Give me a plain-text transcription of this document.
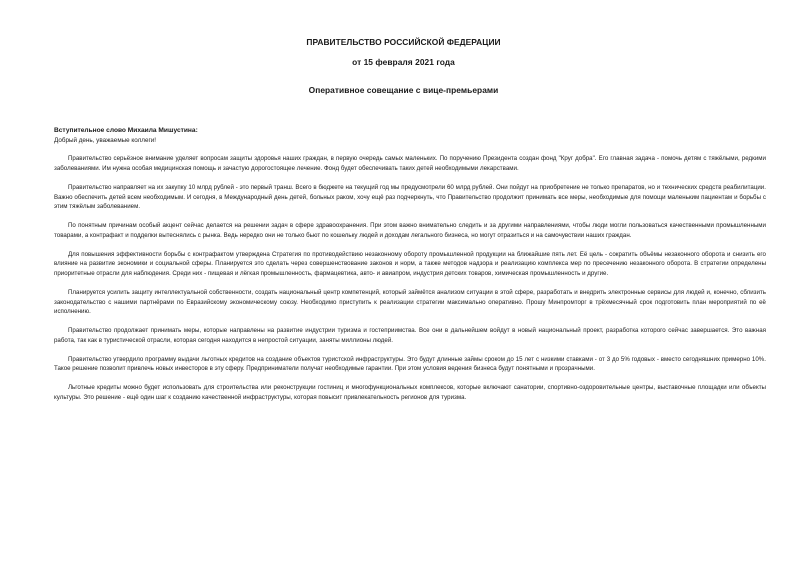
ПРАВИТЕЛЬСТВО РОССИЙСКОЙ ФЕДЕРАЦИИ
от 15 февраля 2021 года
Оперативное совещание с вице-премьерами

Вступительное слово Михаила Мишустина:

Добрый день, уважаемые коллеги!

Правительство серьёзное внимание уделяет вопросам защиты здоровья наших граждан, в первую очередь самых маленьких. По поручению Президента создан фонд "Круг добра". Его главная задача - помочь детям с тяжёлыми, редкими заболеваниями. Им нужна особая медицинская помощь и зачастую дорогостоящее лечение. Фонд будет обеспечивать таких детей необходимыми лекарствами.

Правительство направляет на их закупку 10 млрд рублей - это первый транш. Всего в бюджете на текущий год мы предусмотрели 60 млрд рублей. Они пойдут на приобретение не только препаратов, но и технических средств реабилитации. Важно обеспечить детей всем необходимым. И сегодня, в Международный день детей, больных раком, хочу ещё раз подчеркнуть, что Правительство продолжит принимать все меры, необходимые для помощи маленьким пациентам и борьбы с этим тяжёлым заболеванием.

По понятным причинам особый акцент сейчас делается на решении задач в сфере здравоохранения. При этом важно внимательно следить и за другими направлениями, чтобы люди могли пользоваться качественными промышленными товарами, а контрафакт и подделки вытеснялись с рынка. Ведь нередко они не только бьют по кошельку людей и доходам легального бизнеса, но могут отразиться и на самочувствии наших граждан.

Для повышения эффективности борьбы с контрафактом утверждена Стратегия по противодействию незаконному обороту промышленной продукции на ближайшие пять лет. Её цель - сократить объёмы незаконного оборота и снизить его влияние на развитие экономики и социальной сферы. Планируется это сделать через совершенствование законов и норм, а также методов надзора и реализацию комплекса мер по пресечению незаконного оборота. В стратегии определены приоритетные отрасли для наблюдения. Среди них - пищевая и лёгкая промышленность, фармацевтика, авто- и авиапром, индустрия детских товаров, химическая промышленность и другие.

Планируется усилить защиту интеллектуальной собственности, создать национальный центр компетенций, который займётся анализом ситуации в этой сфере, разработать и внедрить электронные сервисы для людей и, конечно, сблизить законодательство с нашими партнёрами по Евразийскому экономическому союзу. Необходимо приступить к реализации стратегии максимально оперативно. Прошу Минпромторг в трёхмесячный срок подготовить план мероприятий по её исполнению.

Правительство продолжает принимать меры, которые направлены на развитие индустрии туризма и гостеприимства. Все они в дальнейшем войдут в новый национальный проект, разработка которого сейчас завершается. Это важная работа, так как в туристической отрасли, которая сегодня находится в непростой ситуации, заняты миллионы людей.

Правительство утвердило программу выдачи льготных кредитов на создание объектов туристской инфраструктуры. Это будут длинные займы сроком до 15 лет с низкими ставками - от 3 до 5% годовых - вместо сегодняшних примерно 10%. Такое решение позволит привлечь новых инвесторов в эту сферу. Предприниматели получат необходимые гарантии. При этом условия ведения бизнеса будут понятными и прозрачными.

Льготные кредиты можно будет использовать для строительства или реконструкции гостиниц и многофункциональных комплексов, которые включают санатории, спортивно-оздоровительные центры, выставочные площадки или объекты культуры. Это решение - ещё один шаг к созданию качественной инфраструктуры, которая повысит привлекательность регионов для туризма.
